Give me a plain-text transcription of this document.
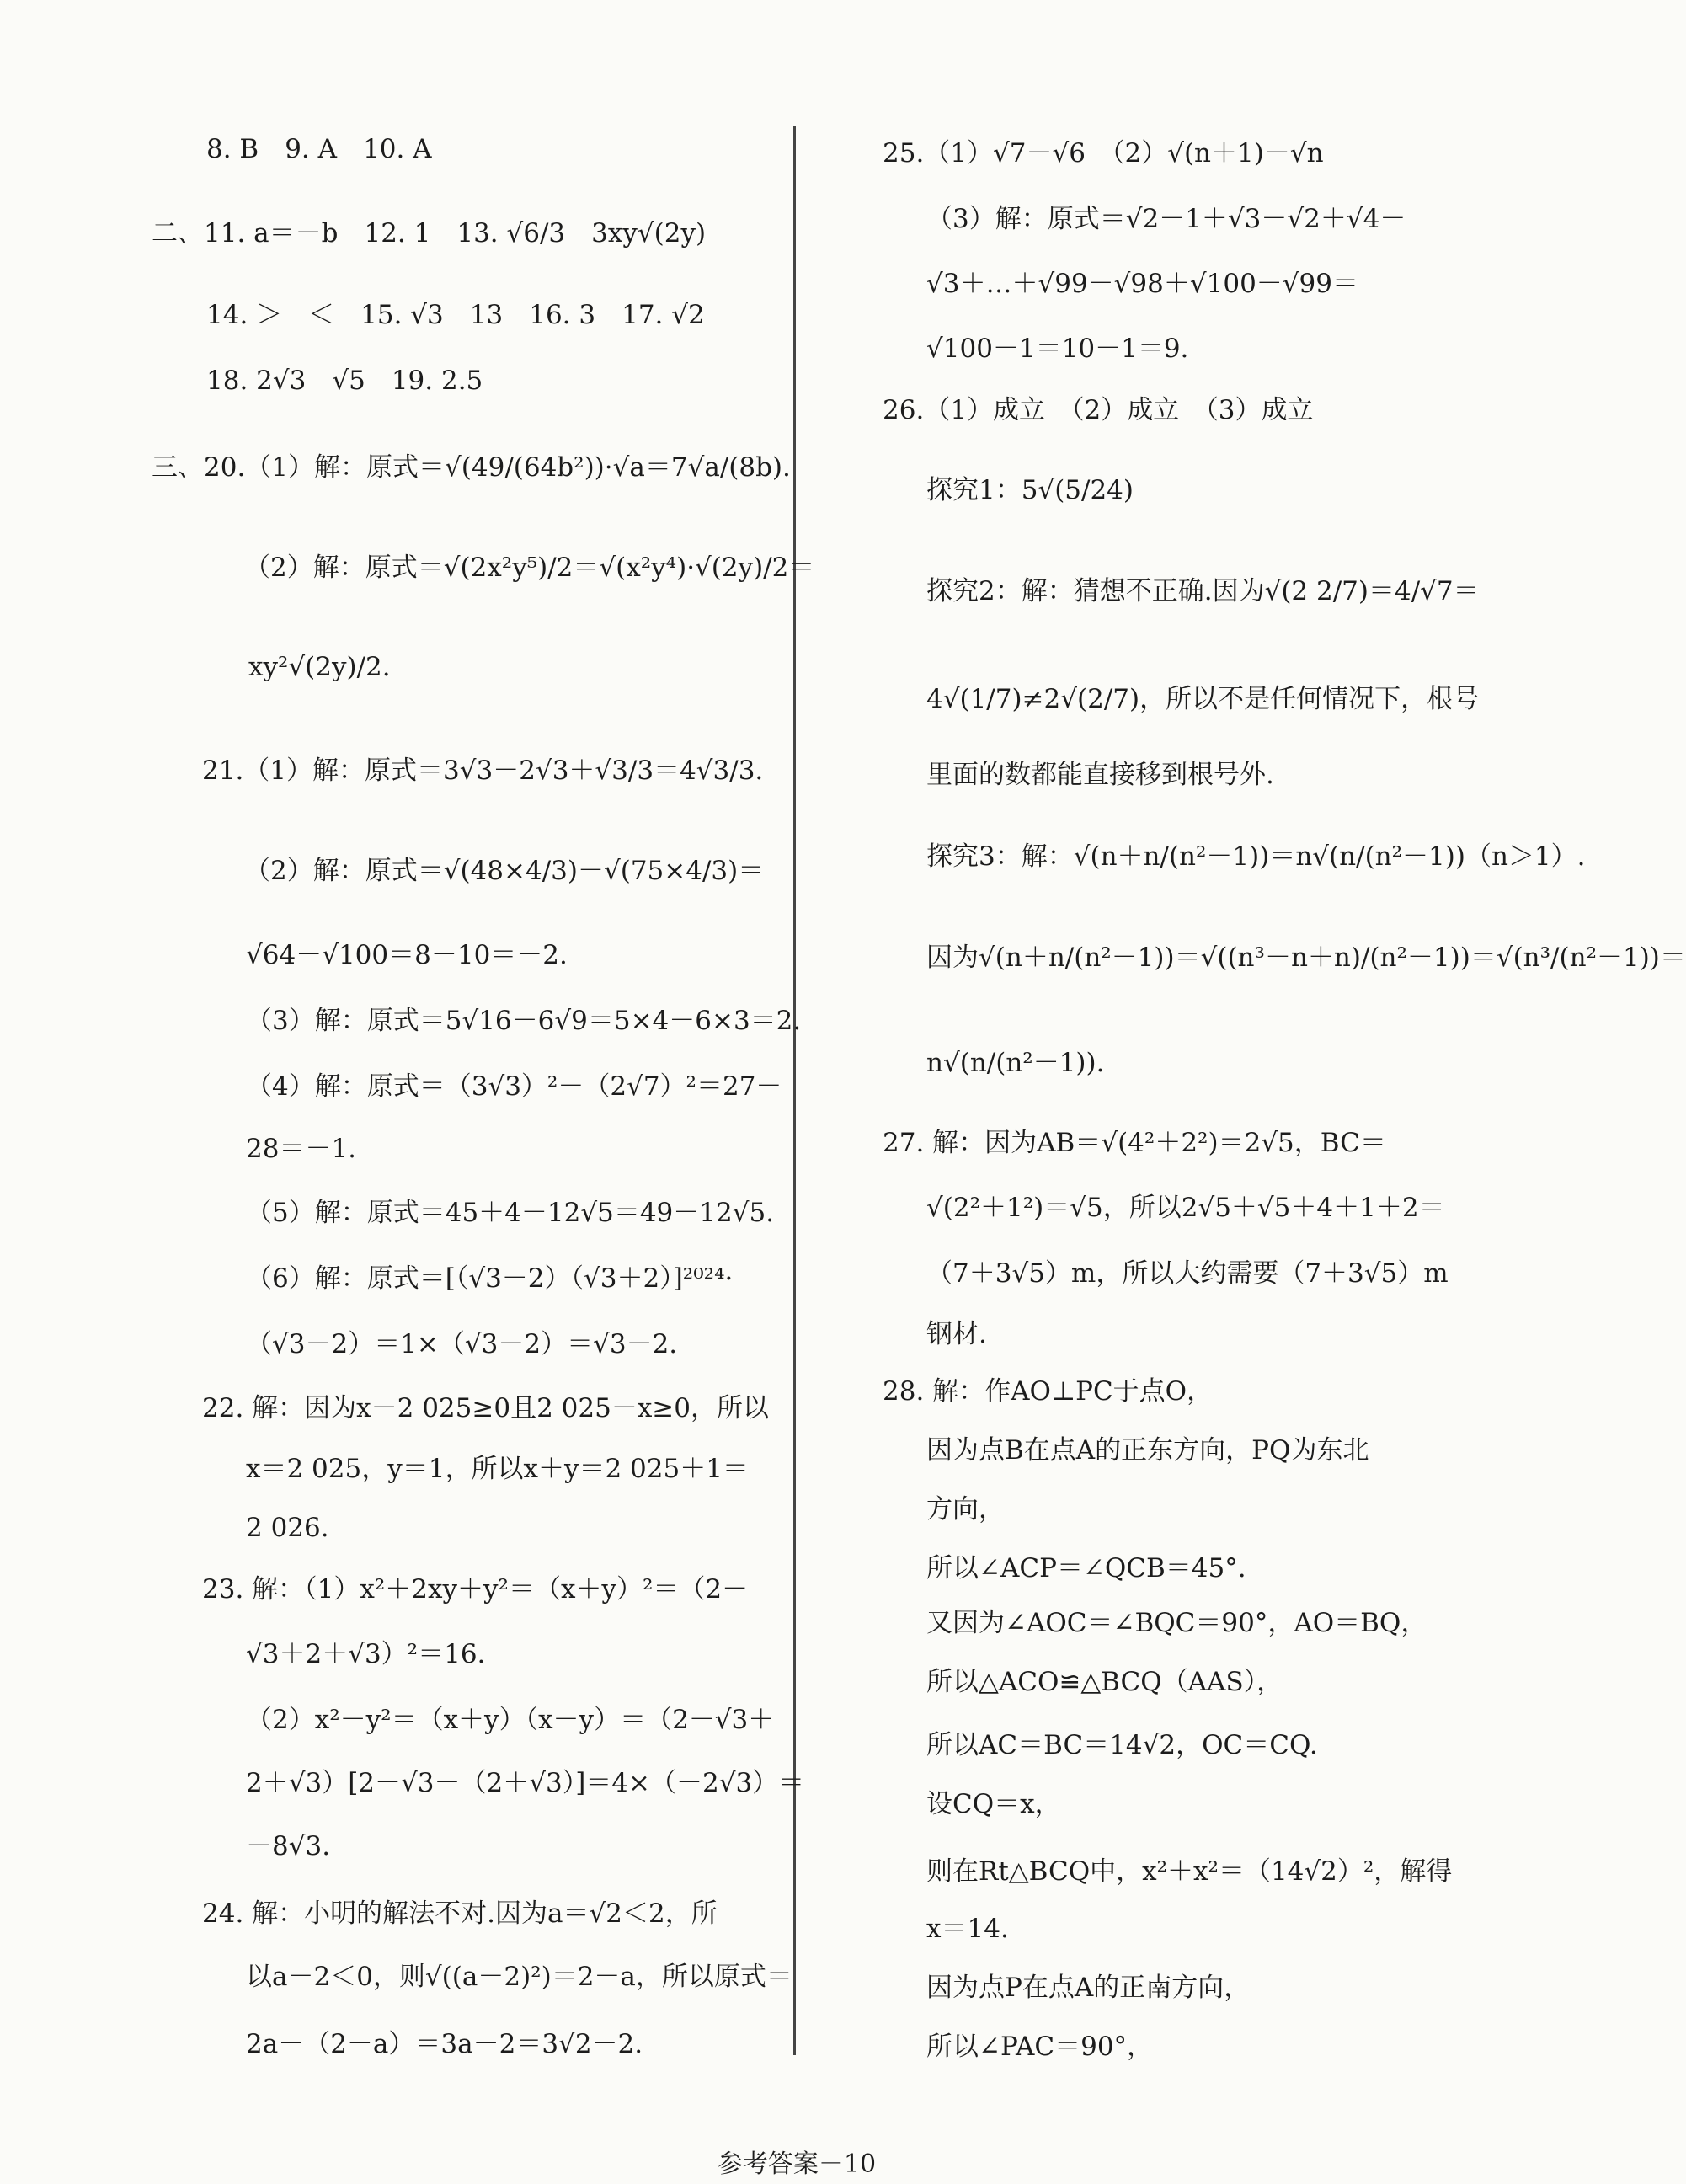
8. B　9. A　10. A
二、11. a＝－b　12. 1　13. √6/3　3xy√(2y)
14. ＞　＜　15. √3　13　16. 3　17. √2
18. 2√3　√5　19. 2.5
三、20.（1）解：原式＝√(49/(64b²))·√a＝7√a/(8b).
（2）解：原式＝√(2x²y⁵)/2＝√(x²y⁴)·√(2y)/2＝
xy²√(2y)/2.
21.（1）解：原式＝3√3－2√3＋√3/3＝4√3/3.
（2）解：原式＝√(48×4/3)－√(75×4/3)＝
√64－√100＝8－10＝－2.
（3）解：原式＝5√16－6√9＝5×4－6×3＝2.
（4）解：原式＝（3√3）²－（2√7）²＝27－
28＝－1.
（5）解：原式＝45＋4－12√5＝49－12√5.
（6）解：原式＝[（√3－2）（√3＋2）]²⁰²⁴·
（√3－2）＝1×（√3－2）＝√3－2.
22. 解：因为x－2 025≥0且2 025－x≥0，所以
x＝2 025，y＝1，所以x＋y＝2 025＋1＝
2 026.
23. 解：（1）x²＋2xy＋y²＝（x＋y）²＝（2－
√3＋2＋√3）²＝16.
（2）x²－y²＝（x＋y）（x－y）＝（2－√3＋
2＋√3）[2－√3－（2＋√3）]＝4×（－2√3）＝
－8√3.
24. 解：小明的解法不对.因为a＝√2＜2，所
以a－2＜0，则√((a－2)²)＝2－a，所以原式＝
2a－（2－a）＝3a－2＝3√2－2.
25.（1）√7－√6　（2）√(n＋1)－√n
（3）解：原式＝√2－1＋√3－√2＋√4－
√3＋…＋√99－√98＋√100－√99＝
√100－1＝10－1＝9.
26.（1）成立　（2）成立　（3）成立
探究1：5√(5/24)
探究2：解：猜想不正确.因为√(2 2/7)＝4/√7＝
4√(1/7)≠2√(2/7)，所以不是任何情况下，根号
里面的数都能直接移到根号外.
探究3：解：√(n＋n/(n²－1))＝n√(n/(n²－1))（n＞1）.
因为√(n＋n/(n²－1))＝√((n³－n＋n)/(n²－1))＝√(n³/(n²－1))＝
n√(n/(n²－1)).
27. 解：因为AB＝√(4²＋2²)＝2√5，BC＝
√(2²＋1²)＝√5，所以2√5＋√5＋4＋1＋2＝
（7＋3√5）m，所以大约需要（7＋3√5）m
钢材.
28. 解：作AO⊥PC于点O，
因为点B在点A的正东方向，PQ为东北
方向，
所以∠ACP＝∠QCB＝45°.
又因为∠AOC＝∠BQC＝90°，AO＝BQ，
所以△ACO≌△BCQ（AAS），
所以AC＝BC＝14√2，OC＝CQ.
设CQ＝x，
则在Rt△BCQ中，x²＋x²＝（14√2）²，解得
x＝14.
因为点P在点A的正南方向，
所以∠PAC＝90°，
参考答案－10
